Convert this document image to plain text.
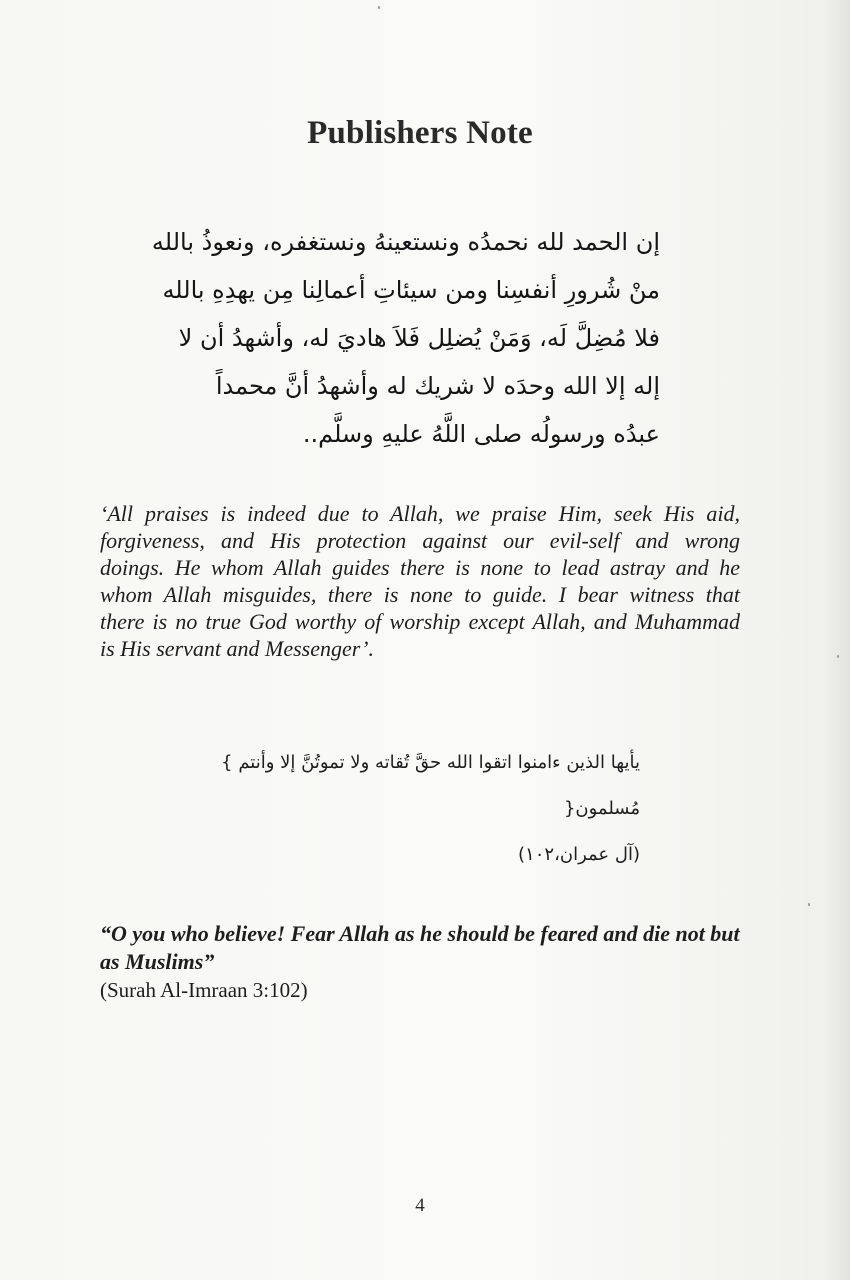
Publishers Note
إن الحمد لله نحمدُه ونستعينهُ ونستغفره، ونعوذُ بالله
منْ شُرورِ أنفسِنا ومن سيئاتِ أعمالِنا مِن يهدِهِ بالله
فلا مُضِلَّ لَه، وَمَنْ يُضلِل فَلاَ هاديَ له، وأشهدُ أن لا
إله إلا الله وحدَه لا شريك له وأشهدُ أنَّ محمداً
عبدُه ورسولُه صلى اللَّهُ عليهِ وسلَّم..
‘All praises is indeed due to Allah, we praise Him, seek His aid,
forgiveness, and His protection against our evil-self and wrong
doings. He whom Allah guides there is none to lead astray and he
whom Allah misguides, there is none to guide. I bear witness that
there is no true God worthy of worship except Allah, and Muhammad
is His servant and Messenger’.
يأيها الذين ءامنوا اتقوا الله حقَّ تُقاته ولا تموتُنَّ إلا وأنتم }
مُسلمون{
(آل عمران،١٠٢)
“O you who believe! Fear Allah as he should be feared and die not but as Muslims”
(Surah Al-Imraan 3:102)
4
